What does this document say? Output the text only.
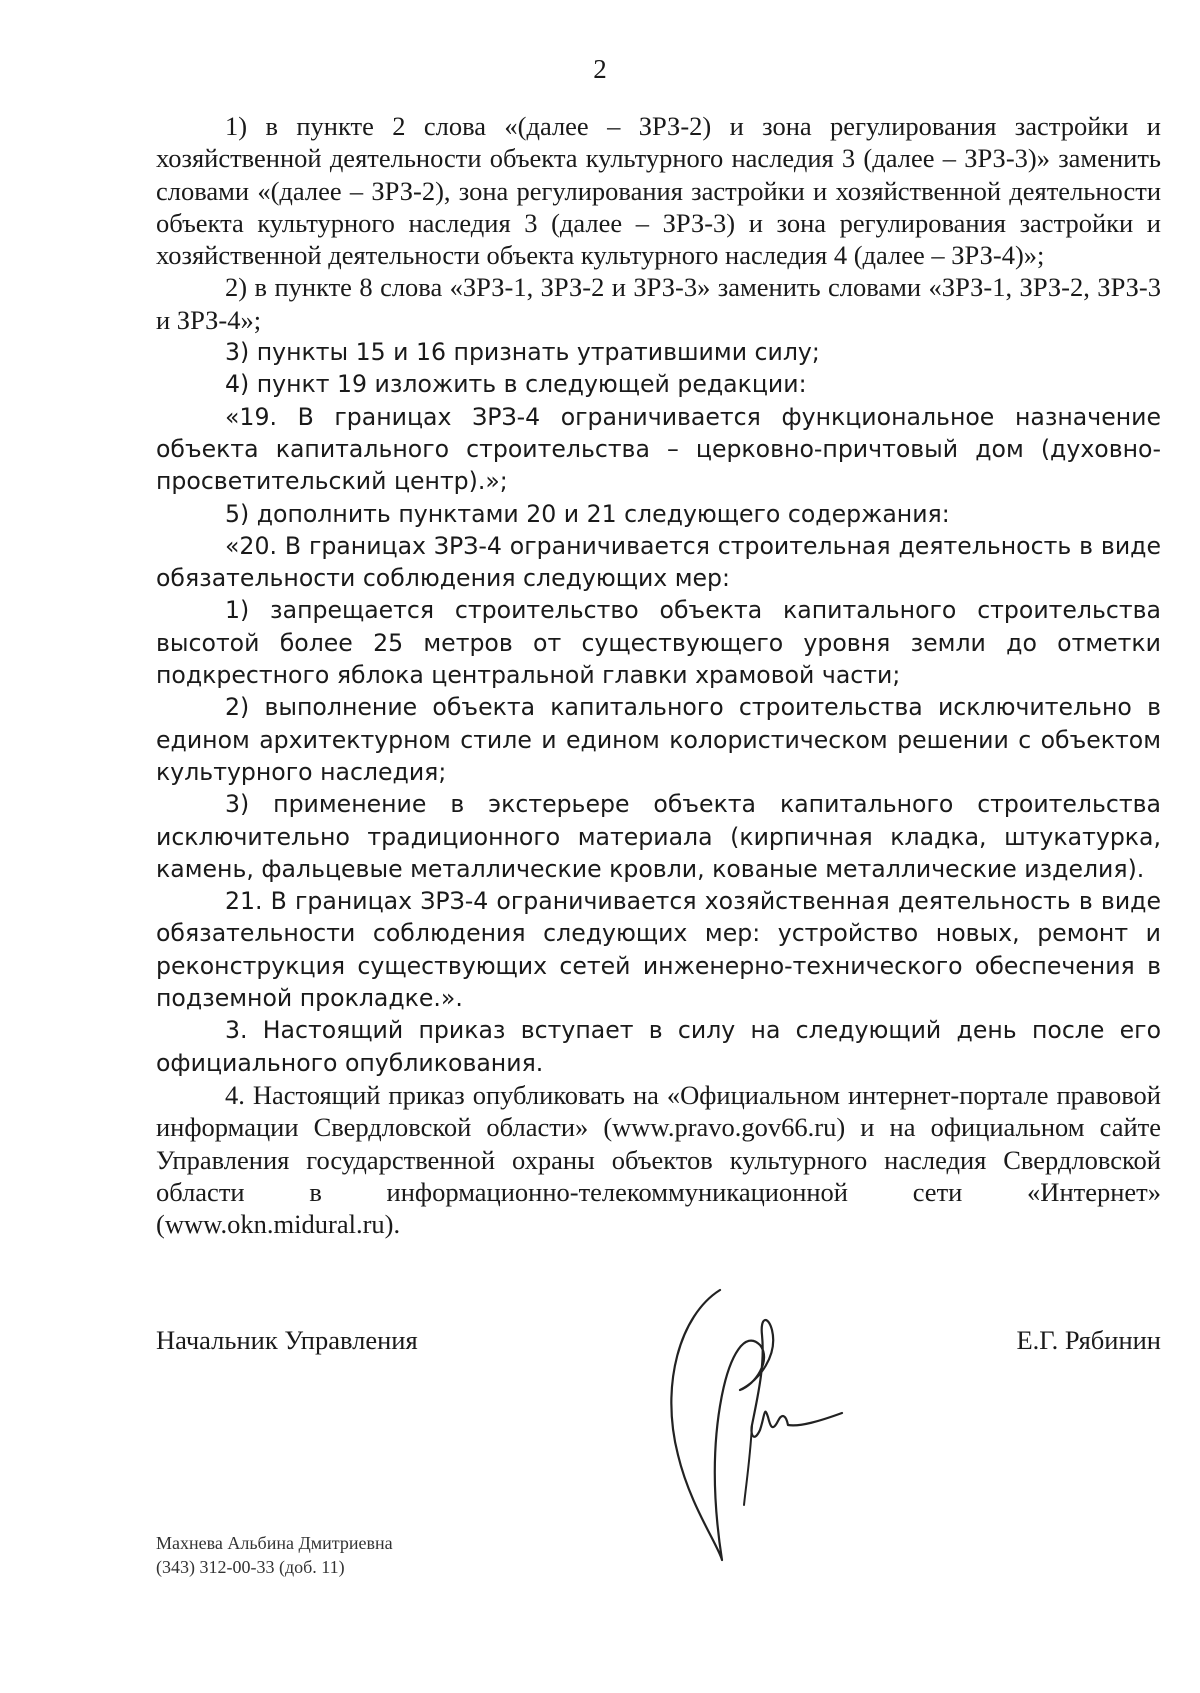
2

1) в пункте 2 слова «(далее – ЗРЗ-2) и зона регулирования застройки и хозяйственной деятельности объекта культурного наследия 3 (далее – ЗРЗ-3)» заменить словами «(далее – ЗРЗ-2), зона регулирования застройки и хозяйственной деятельности объекта культурного наследия 3 (далее – ЗРЗ-3) и зона регулирования застройки и хозяйственной деятельности объекта культурного наследия 4 (далее – ЗРЗ-4)»;

2) в пункте 8 слова «ЗРЗ-1, ЗРЗ-2 и ЗРЗ-3» заменить словами «ЗРЗ-1, ЗРЗ-2, ЗРЗ-3 и ЗРЗ-4»;

3) пункты 15 и 16 признать утратившими силу;

4) пункт 19 изложить в следующей редакции:

«19. В границах ЗРЗ-4 ограничивается функциональное назначение объекта капитального строительства – церковно-причтовый дом (духовно-просветительский центр).»;

5) дополнить пунктами 20 и 21 следующего содержания:

«20. В границах ЗРЗ-4 ограничивается строительная деятельность в виде обязательности соблюдения следующих мер:

1) запрещается строительство объекта капитального строительства высотой более 25 метров от существующего уровня земли до отметки подкрестного яблока центральной главки храмовой части;

2) выполнение объекта капитального строительства исключительно в едином архитектурном стиле и едином колористическом решении с объектом культурного наследия;

3) применение в экстерьере объекта капитального строительства исключительно традиционного материала (кирпичная кладка, штукатурка, камень, фальцевые металлические кровли, кованые металлические изделия).

21. В границах ЗРЗ-4 ограничивается хозяйственная деятельность в виде обязательности соблюдения следующих мер: устройство новых, ремонт и реконструкция существующих сетей инженерно-технического обеспечения в подземной прокладке.».

3. Настоящий приказ вступает в силу на следующий день после его официального опубликования.

4. Настоящий приказ опубликовать на «Официальном интернет-портале правовой информации Свердловской области» (www.pravo.gov66.ru) и на официальном сайте Управления государственной охраны объектов культурного наследия Свердловской области в информационно-телекоммуникационной сети «Интернет» (www.okn.midural.ru).

Начальник Управления	Е.Г. Рябинин
Махнева Альбина Дмитриевна
(343) 312-00-33 (доб. 11)
